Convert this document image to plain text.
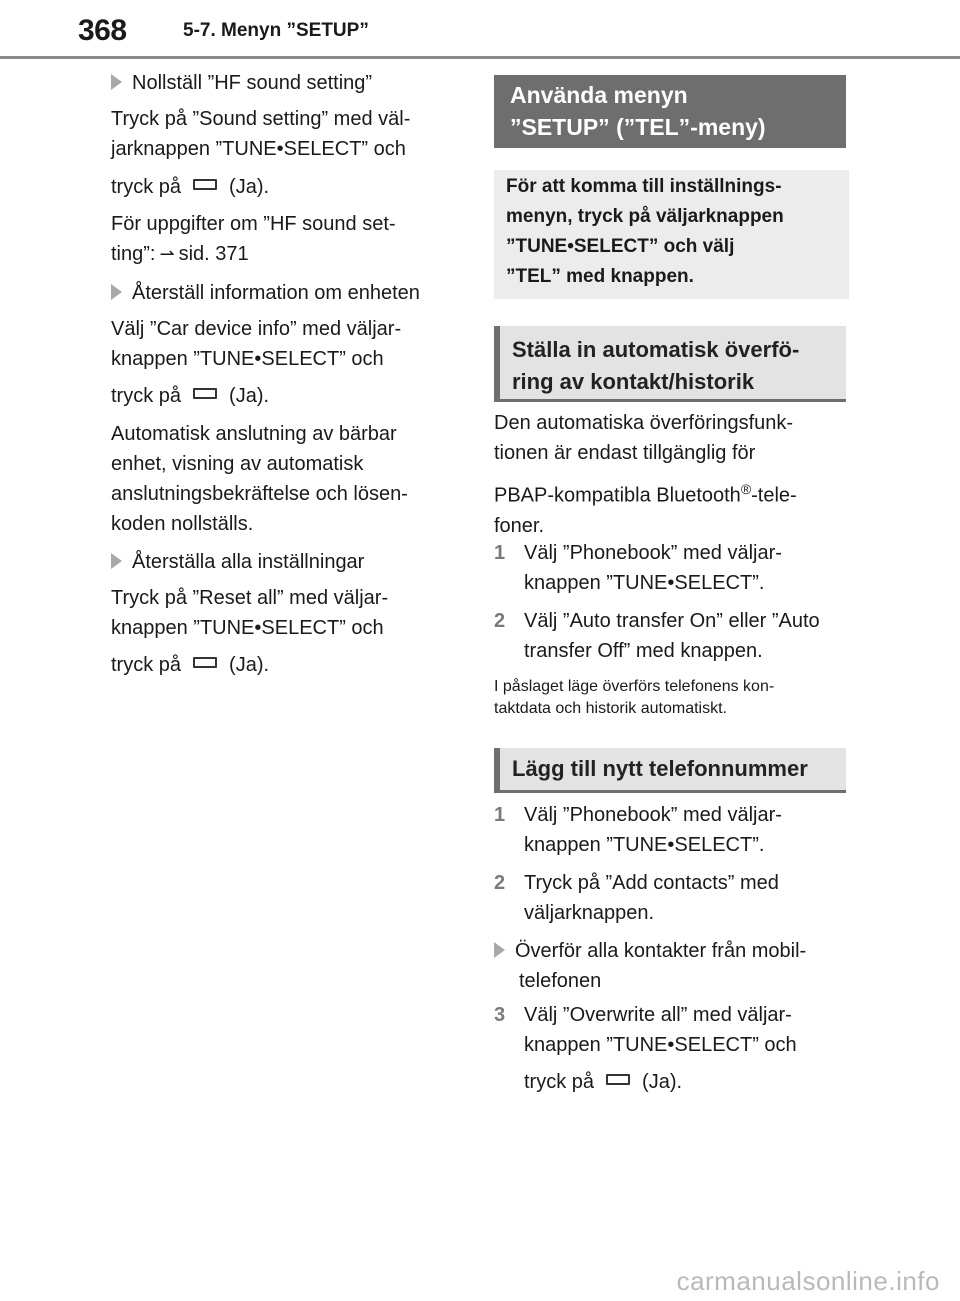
368	5-7. Menyn ”SETUP”
Nollställ ”HF sound setting”

Tryck på ”Sound setting” med väl-

jarknappen ”TUNE•SELECT” och

tryck på (Ja).

För uppgifter om ”HF sound set-

ting”: ⇀ sid. 371

Återställ information om enheten

Välj ”Car device info” med väljar-

knappen ”TUNE•SELECT” och

tryck på (Ja).

Automatisk anslutning av bärbar

enhet, visning av automatisk

anslutningsbekräftelse och lösen-

koden nollställs.

Återställa alla inställningar

Tryck på ”Reset all” med väljar-

knappen ”TUNE•SELECT” och

tryck på (Ja).
Använda menyn
”SETUP” (”TEL”-meny)
För att komma till inställnings-
menyn, tryck på väljarknappen
”TUNE•SELECT” och välj
”TEL” med knappen.
Ställa in automatisk överfö-
ring av kontakt/historik

Den automatiska överföringsfunk-

tionen är endast tillgänglig för

PBAP-kompatibla Bluetooth®-tele-

foner.

1 Välj ”Phonebook” med väljar-
knappen ”TUNE•SELECT”.
2 Välj ”Auto transfer On” eller ”Auto
transfer Off” med knappen.
I påslaget läge överförs telefonens kon-
taktdata och historik automatiskt.
Lägg till nytt telefonnummer
1 Välj ”Phonebook” med väljar-
knappen ”TUNE•SELECT”.
2 Tryck på ”Add contacts” med
väljarknappen.
Överför alla kontakter från mobil-
telefonen
3 Välj ”Overwrite all” med väljar-
knappen ”TUNE•SELECT” och
tryck på (Ja).
carmanualsonline.info
